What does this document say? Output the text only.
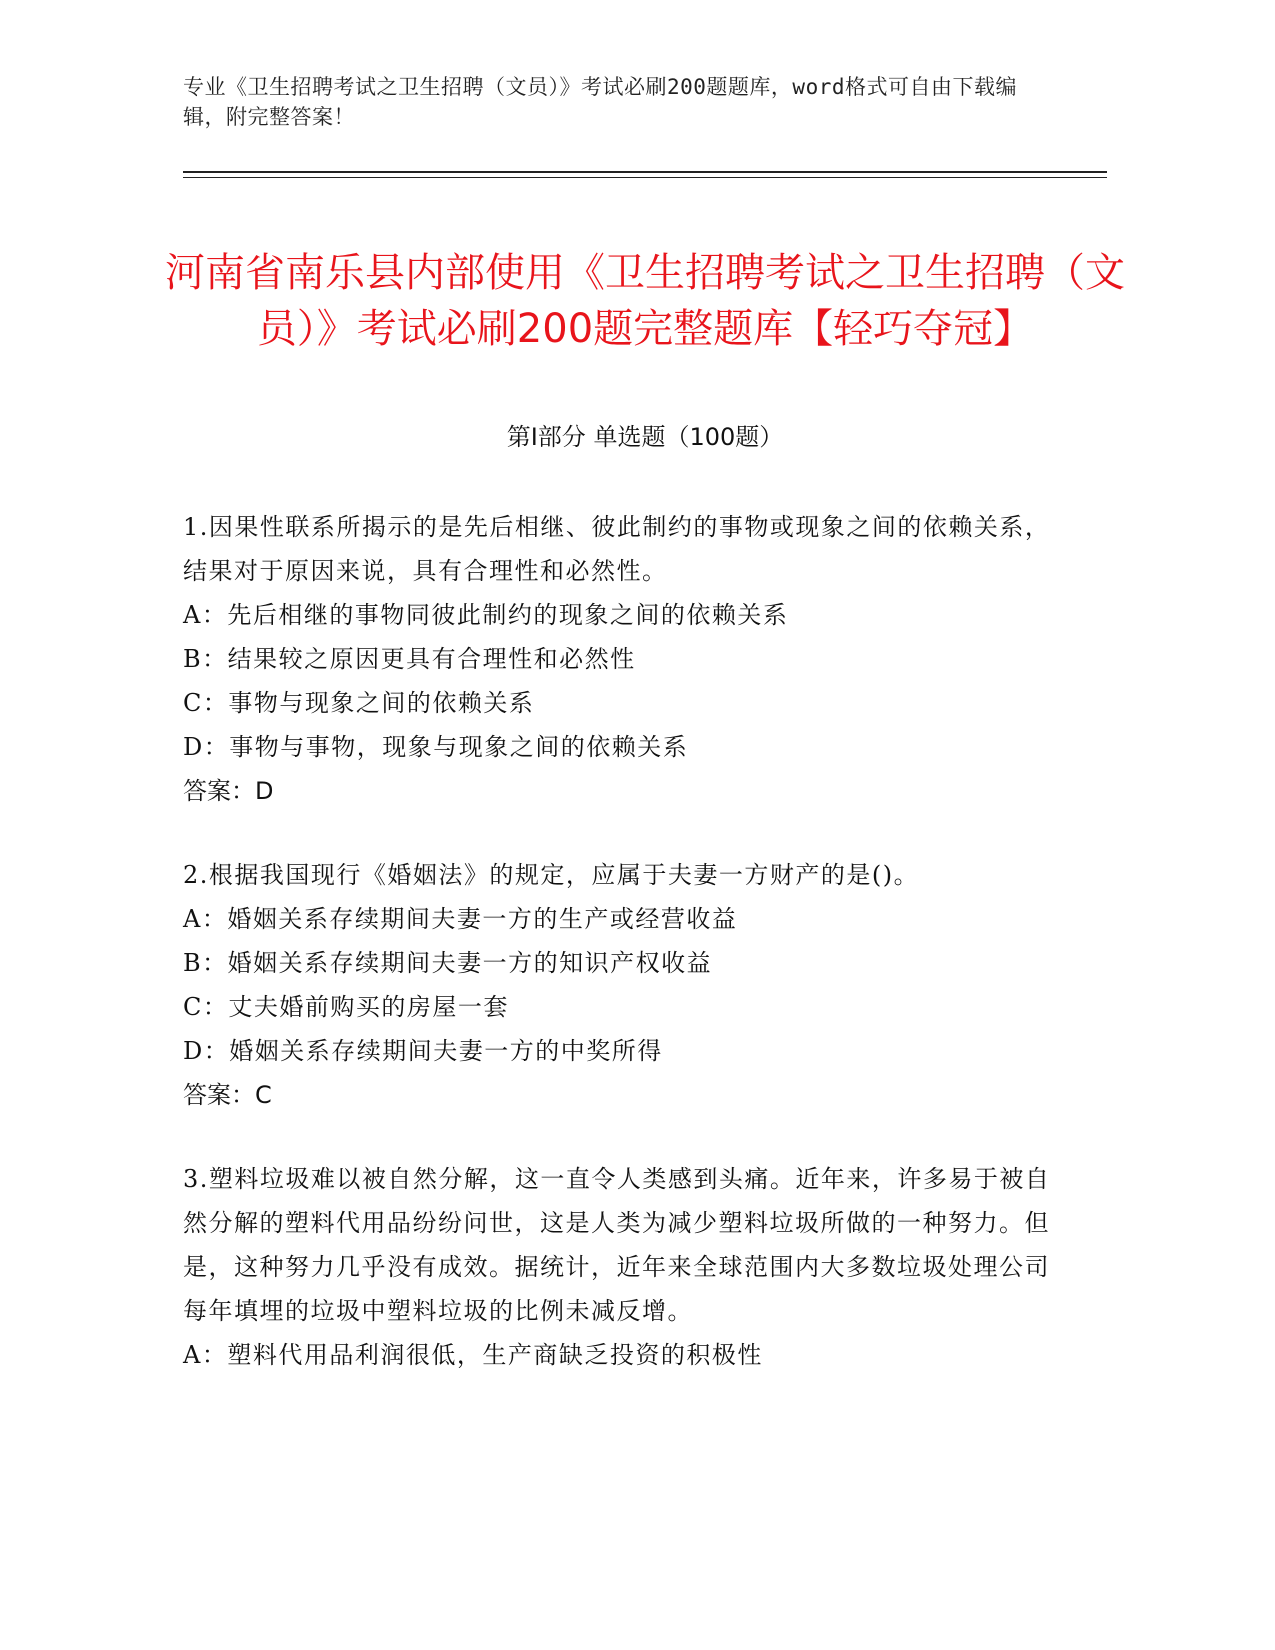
专业《卫生招聘考试之卫生招聘（文员）》考试必刷200题题库，word格式可自由下载编辑，附完整答案！
河南省南乐县内部使用《卫生招聘考试之卫生招聘（文员）》考试必刷200题完整题库【轻巧夺冠】
第I部分 单选题（100题）

1.因果性联系所揭示的是先后相继、彼此制约的事物或现象之间的依赖关系，结果对于原因来说，具有合理性和必然性。

A：先后相继的事物同彼此制约的现象之间的依赖关系

B：结果较之原因更具有合理性和必然性

C：事物与现象之间的依赖关系

D：事物与事物，现象与现象之间的依赖关系

答案：D

2.根据我国现行《婚姻法》的规定，应属于夫妻一方财产的是()。

A：婚姻关系存续期间夫妻一方的生产或经营收益

B：婚姻关系存续期间夫妻一方的知识产权收益

C：丈夫婚前购买的房屋一套

D：婚姻关系存续期间夫妻一方的中奖所得

答案：C

3.塑料垃圾难以被自然分解，这一直令人类感到头痛。近年来，许多易于被自然分解的塑料代用品纷纷问世，这是人类为减少塑料垃圾所做的一种努力。但是，这种努力几乎没有成效。据统计，近年来全球范围内大多数垃圾处理公司每年填埋的垃圾中塑料垃圾的比例未减反增。

A：塑料代用品利润很低，生产商缺乏投资的积极性
